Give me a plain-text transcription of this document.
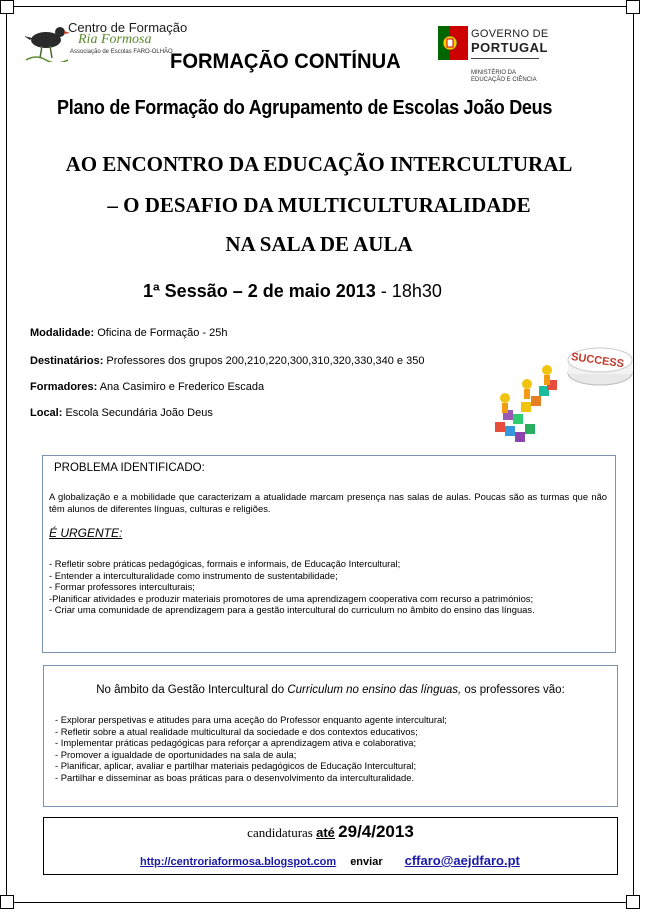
Centro de Formação
Ria Formosa
Associação de Escolas FARO-OLHÃO
GOVERNO DE
PORTUGAL
MINISTÉRIO DA EDUCAÇÃO E CIÊNCIA
FORMAÇÃO CONTÍNUA
Plano de Formação do Agrupamento de Escolas João Deus
AO ENCONTRO DA EDUCAÇÃO INTERCULTURAL
– O DESAFIO DA MULTICULTURALIDADE
NA SALA DE AULA
1ª Sessão – 2 de maio 2013 - 18h30
Modalidade: Oficina de Formação - 25h
Destinatários: Professores dos grupos 200,210,220,300,310,320,330,340 e 350
Formadores: Ana Casimiro e Frederico Escada
Local: Escola Secundária João Deus
SUCCESS
PROBLEMA IDENTIFICADO:
A globalização e a mobilidade que caracterizam a atualidade marcam presença nas salas de aulas. Poucas são as turmas que não têm alunos de diferentes línguas, culturas e religiões.
É URGENTE:
- Refletir sobre práticas pedagógicas, formais e informais, de Educação Intercultural;
- Entender a interculturalidade como instrumento de sustentabilidade;
- Formar professores interculturais;
-Planificar atividades e produzir materiais promotores de uma aprendizagem cooperativa com recurso a patrimónios;
- Criar uma comunidade de aprendizagem para a gestão intercultural do curriculum no âmbito do ensino das línguas.
No âmbito da Gestão Intercultural do Curriculum no ensino das línguas, os professores vão:
- Explorar perspetivas e atitudes para uma aceção do Professor enquanto agente intercultural;
- Refletir sobre a atual realidade multicultural da sociedade e dos contextos educativos;
- Implementar práticas pedagógicas para reforçar a aprendizagem ativa e colaborativa;
- Promover a igualdade de oportunidades na sala de aula;
- Planificar, aplicar, avaliar e partilhar materiais pedagógicos de Educação Intercultural;
- Partilhar e disseminar as boas práticas para o desenvolvimento da interculturalidade.
candidaturas até 29/4/2013
http://centroriaformosa.blogspot.com enviar cffaro@aejdfaro.pt
